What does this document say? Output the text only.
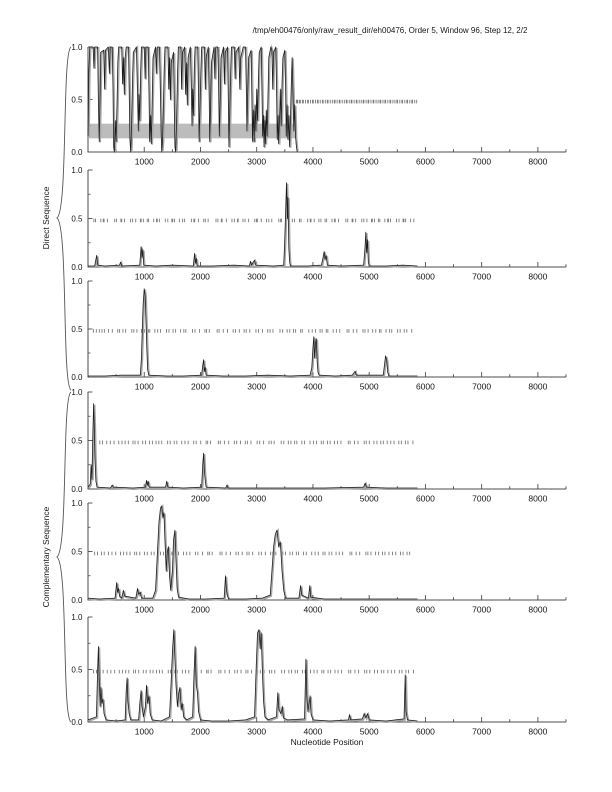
/tmp/eh00476/only/raw_result_dir/eh00476, Order 5, Window 96, Step 12, 2/2
Direct Sequence
Complementary Sequence
Nucleotide Position
1000	2000	3000	4000	5000	6000	7000	8000
0.0
0.5
1.0
1000	2000	3000	4000	5000	6000	7000	8000
0.0
0.5
1.0
1000	2000	3000	4000	5000	6000	7000	8000
0.0
0.5
1.0
1000	2000	3000	4000	5000	6000	7000	8000
0.0
0.5
1.0
1000	2000	3000	4000	5000	6000	7000	8000
0.0
0.5
1.0
1000	2000	3000	4000	5000	6000	7000	8000
0.0
0.5
1.0
